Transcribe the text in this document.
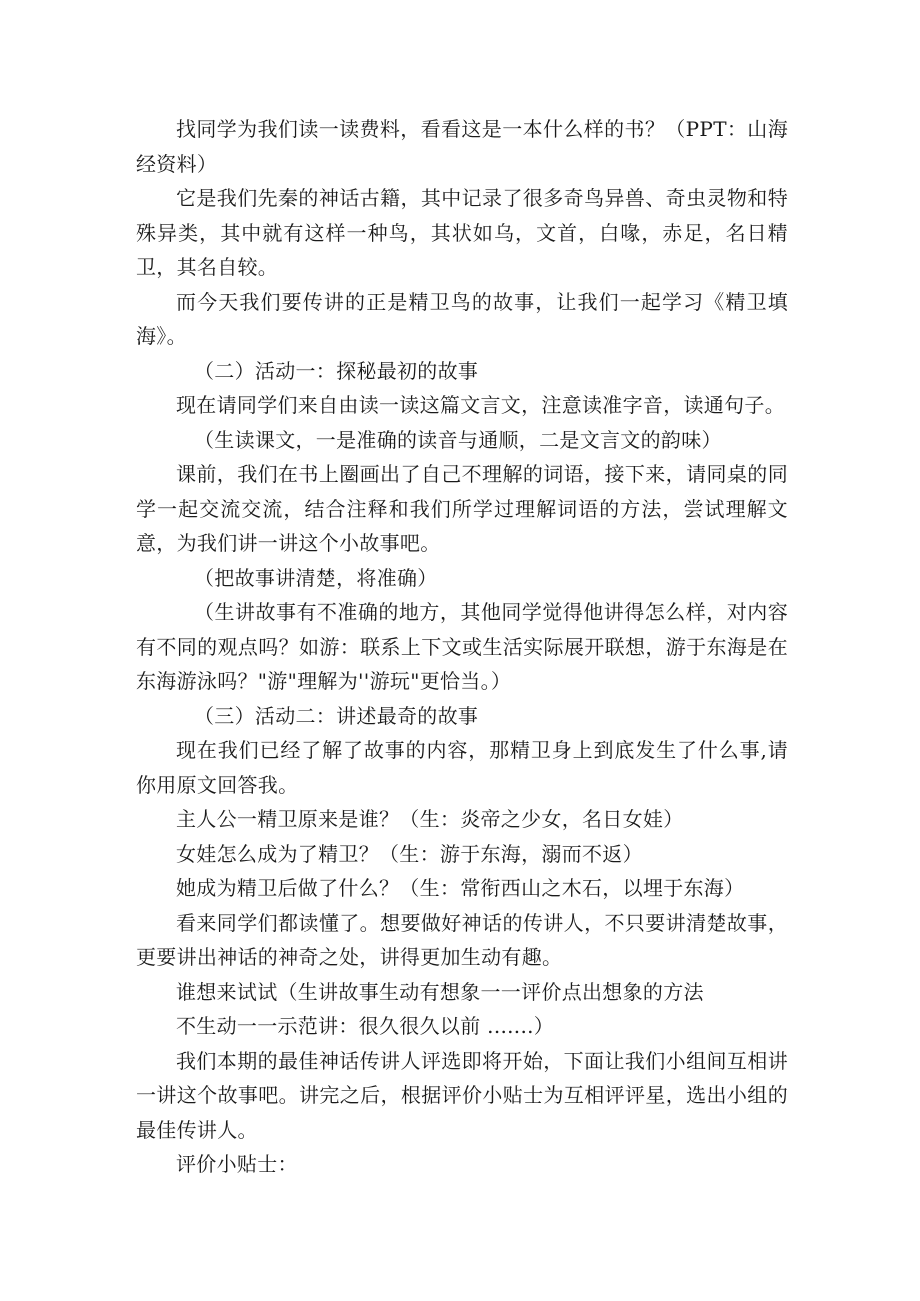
找同学为我们读一读费料，看看这是一本什么样的书？（PPT：山海经资料）

它是我们先秦的神话古籍，其中记录了很多奇鸟异兽、奇虫灵物和特殊异类，其中就有这样一种鸟，其状如乌，文首，白喙，赤足，名日精卫，其名自较。

而今天我们要传讲的正是精卫鸟的故事，让我们一起学习《精卫填海》。

（二）活动一：探秘最初的故事

现在请同学们来自由读一读这篇文言文，注意读准字音，读通句子。

（生读课文，一是准确的读音与通顺，二是文言文的韵味）

课前，我们在书上圈画出了自己不理解的词语，接下来，请同桌的同学一起交流交流，结合注释和我们所学过理解词语的方法，尝试理解文意，为我们讲一讲这个小故事吧。

（把故事讲清楚，将准确）

（生讲故事有不准确的地方，其他同学觉得他讲得怎么样，对内容有不同的观点吗？如游：联系上下文或生活实际展开联想，游于东海是在东海游泳吗？"游"理解为''游玩"更恰当。）

（三）活动二：讲述最奇的故事

现在我们已经了解了故事的内容，那精卫身上到底发生了什么事,请你用原文回答我。

主人公一精卫原来是谁？（生：炎帝之少女，名日女娃）

女娃怎么成为了精卫？（生：游于东海，溺而不返）

她成为精卫后做了什么？（生：常衔西山之木石，以埋于东海）

看来同学们都读懂了。想要做好神话的传讲人，不只要讲清楚故事，更要讲出神话的神奇之处，讲得更加生动有趣。

谁想来试试（生讲故事生动有想象一一评价点出想象的方法

不生动一一示范讲：很久很久以前 .......）

我们本期的最佳神话传讲人评选即将开始，下面让我们小组间互相讲一讲这个故事吧。讲完之后，根据评价小贴士为互相评评星，选出小组的最佳传讲人。

评价小贴士：
